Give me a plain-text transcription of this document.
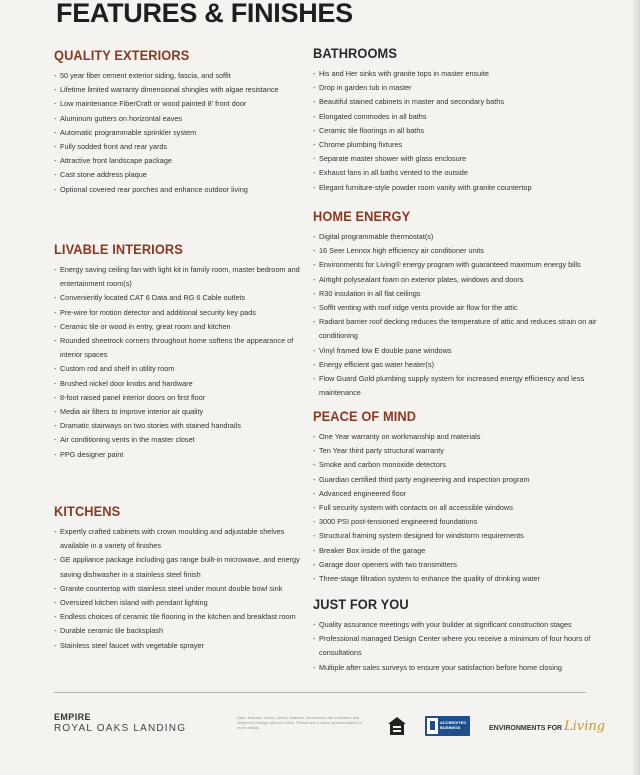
FEATURES & FINISHES
QUALITY EXTERIORS
- 50 year fiber cement exterior siding, fascia, and soffit
- Lifetime limited warranty dimensional shingles with algae resistance
- Low maintenance FiberCraft or wood painted 8' front door
- Aluminum gutters on horizontal eaves
- Automatic programmable sprinkler system
- Fully sodded front and rear yards
- Attractive front landscape package
- Cast stone address plaque
- Optional covered rear porches and enhance outdoor living
LIVABLE INTERIORS
- Energy saving ceiling fan with light kit in family room, master bedroom and entertainment room(s)
- Conveniently located CAT 6 Data and RG 6 Cable outlets
- Pre-wire for motion detector and additional security key pads
- Ceramic tile or wood in entry, great room and kitchen
- Rounded sheetrock corners throughout home softens the appearance of interior spaces
- Custom rod and shelf in utility room
- Brushed nickel door knobs and hardware
- 8-foot raised panel interior doors on first floor
- Media air filters to improve interior air quality
- Dramatic stairways on two stories with stained handrails
- Air conditioning vents in the master closet
- PPG designer paint
KITCHENS
- Expertly crafted cabinets with crown moulding and adjustable shelves available in a variety of finishes
- GE appliance package including gas range built-in microwave, and energy saving dishwasher in a stainless steel finish
- Granite countertop with stainless steel under mount double bowl sink
- Oversized kitchen island with pendant lighting
- Endless choices of ceramic tile flooring in the kitchen and breakfast room
- Durable ceramic tile backsplash
- Stainless steel faucet with vegetable sprayer
BATHROOMS
- His and Her sinks with granite tops in master ensuite
- Drop in garden tub in master
- Beautiful stained cabinets in master and secondary baths
- Elongated commodes in all baths
- Ceramic tile floorings in all baths
- Chrome plumbing fixtures
- Separate master shower with glass enclosure
- Exhaust fans in all baths vented to the outside
- Elegant furniture-style powder room vanity with granite countertop
HOME ENERGY
- Digital programmable thermostat(s)
- 16 Seer Lennox high efficiency air conditioner units
- Environments for Living® energy program with guaranteed maximum energy bills
- Airtight polysealant foam on exterior plates, windows and doors
- R30 insulation in all flat ceilings
- Soffit venting with roof ridge vents provide air flow for the attic
- Radiant barrier roof decking reduces the temperature of attic and reduces strain on air conditioning
- Vinyl framed low E double pane windows
- Energy efficient gas water heater(s)
- Flow Guard Gold plumbing supply system for increased energy efficiency and less maintenance
PEACE OF MIND
- One Year warranty on workmanship and materials
- Ten Year third party structural warranty
- Smoke and carbon monoxide detectors
- Guardian certified third party engineering and inspection program
- Advanced engineered floor
- Full security system with contacts on all accessible windows
- 3000 PSI post-tensioned engineered foundations
- Structural framing system designed for windstorm requirements
- Breaker Box inside of the garage
- Garage door openers with two transmitters
- Three-stage filtration system to enhance the quality of drinking water
JUST FOR YOU
- Quality assurance meetings with your builder at significant construction stages
- Professional managed Design Center where you receive a minimum of four hours of consultations
- Multiple after sales surveys to ensure your satisfaction before home closing
EMPIRE
ROYAL OAKS LANDING
Date, features, terms, prices, features, dimensions are estimates and subject to change without notice. Please see a sales representative for more details.
ACCREDITED BUSINESS	ENVIRONMENTS FOR Living
